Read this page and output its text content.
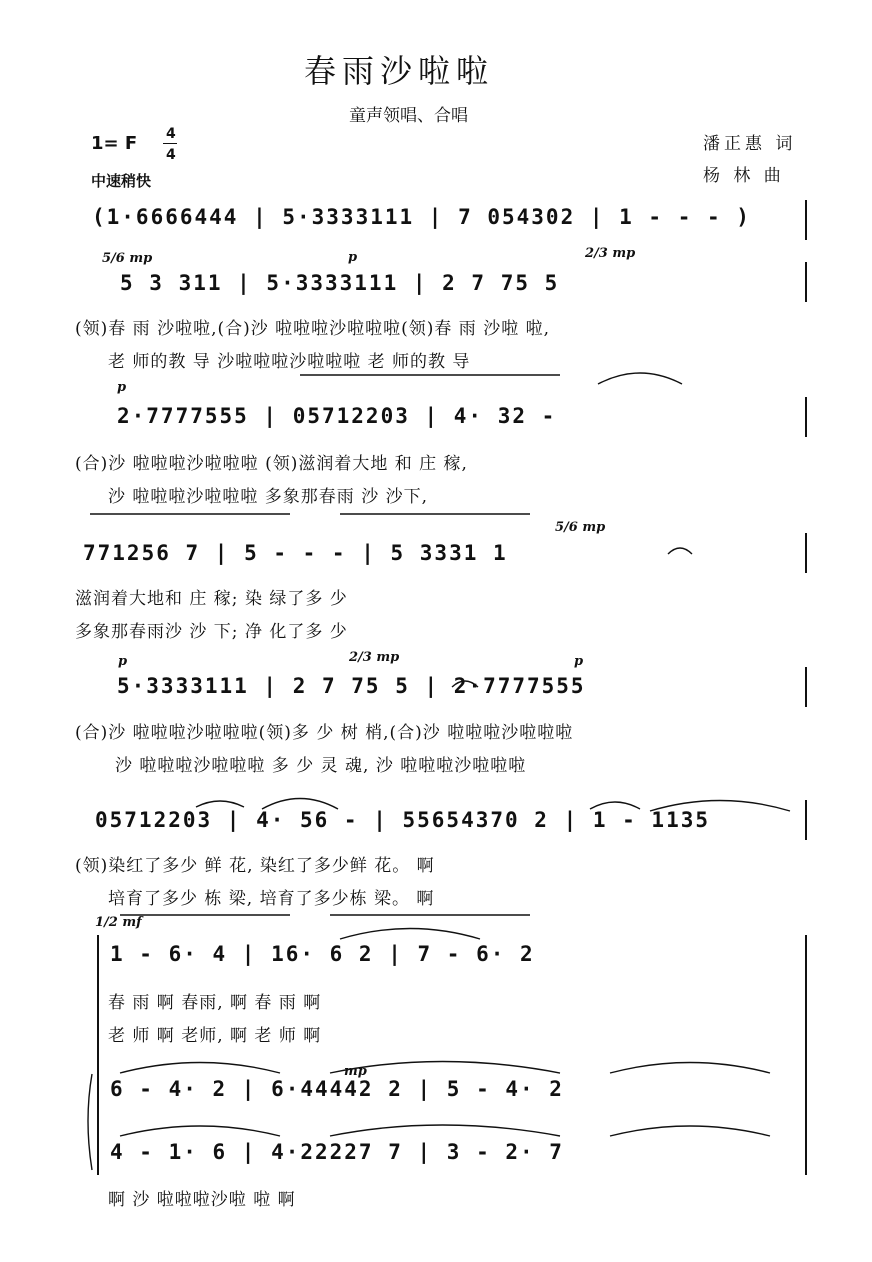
春雨沙啦啦
童声领唱、合唱
潘正惠 词
杨 林 曲
1= F 4
4
中速稍快
(1·6666444 | 5·3333111 | 7 054302 | 1 - - - )
5/6 mp	p	2/3 mp
5 3 311 | 5·3333111 | 2 7 75 5
(领)春 雨 沙啦啦,(合)沙 啦啦啦沙啦啦啦(领)春 雨 沙啦 啦,
老 师的教 导 沙啦啦啦沙啦啦啦 老 师的教 导
p
2·7777555 | 05712203 | 4· 32 -
(合)沙 啦啦啦沙啦啦啦 (领)滋润着大地 和 庄 稼,
沙 啦啦啦沙啦啦啦 多象那春雨 沙 沙下,
5/6 mp
771256 7 | 5 - - - | 5 3331 1
滋润着大地和 庄 稼; 染 绿了多 少
多象那春雨沙 沙 下; 净 化了多 少
p	2/3 mp	p
5·3333111 | 2 7 75 5 | 2·7777555
(合)沙 啦啦啦沙啦啦啦(领)多 少 树 梢,(合)沙 啦啦啦沙啦啦啦
沙 啦啦啦沙啦啦啦 多 少 灵 魂, 沙 啦啦啦沙啦啦啦
05712203 | 4· 56 - | 55654370 2 | 1 - 1135
(领)染红了多少 鲜 花, 染红了多少鲜 花。 啊
培育了多少 栋 梁, 培育了多少栋 梁。 啊
1/2 mf
1 - 6· 4 | 16· 6 2 | 7 - 6· 2
春 雨 啊 春雨, 啊 春 雨 啊
老 师 啊 老师, 啊 老 师 啊
mp
6 - 4· 2 | 6·44442 2 | 5 - 4· 2
4 - 1· 6 | 4·22227 7 | 3 - 2· 7
啊 沙 啦啦啦沙啦 啦 啊
